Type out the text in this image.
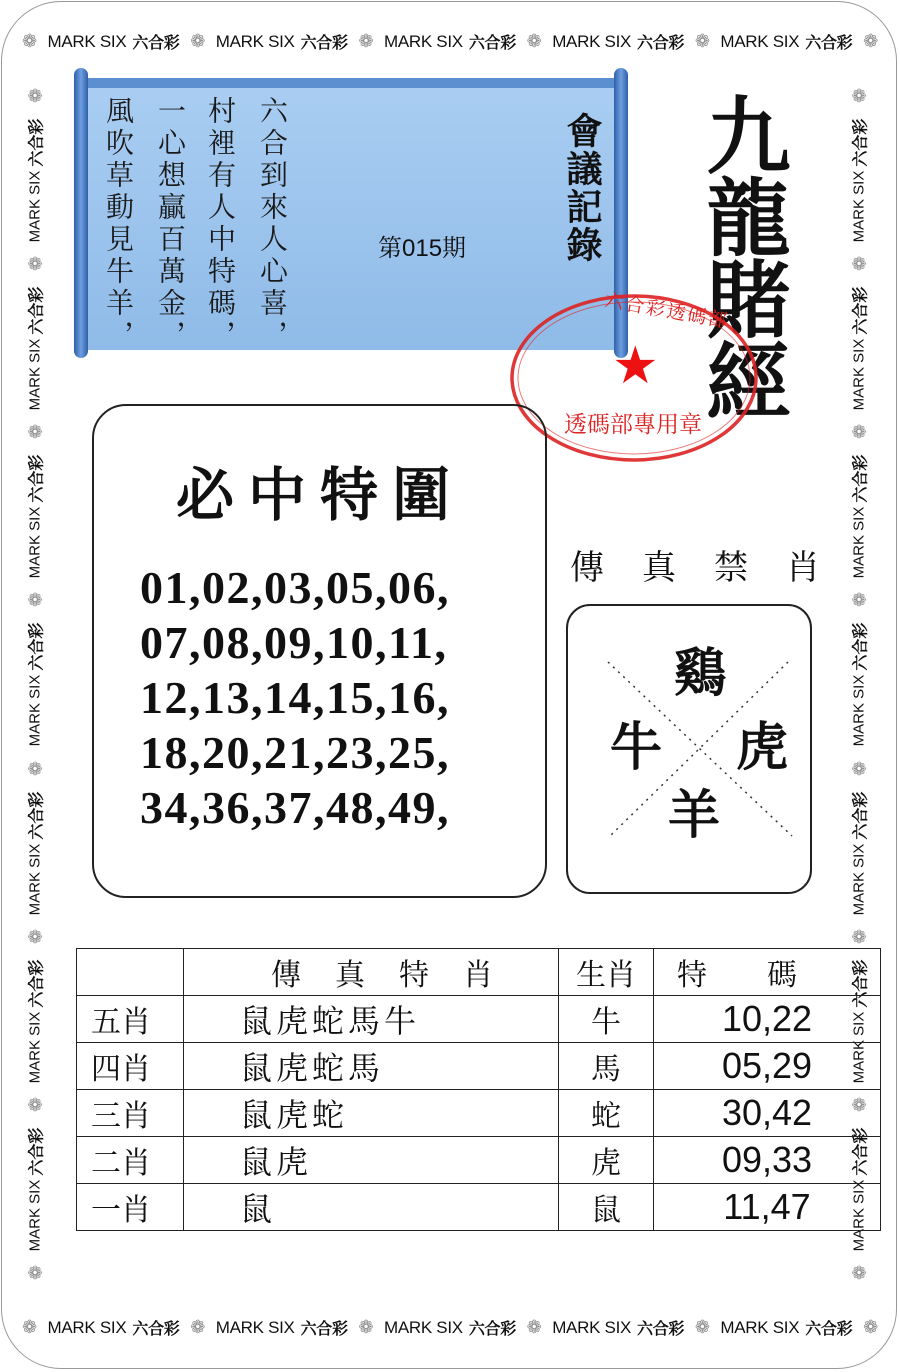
❁ MARK SIX 六合彩 ❁ MARK SIX 六合彩 ❁ MARK SIX 六合彩 ❁ MARK SIX 六合彩 ❁ MARK SIX 六合彩 ❁
❁ MARK SIX 六合彩 ❁ MARK SIX 六合彩 ❁ MARK SIX 六合彩 ❁ MARK SIX 六合彩 ❁ MARK SIX 六合彩 ❁
❁
MARK SIX
六合彩
❁
MARK SIX
六合彩
❁
MARK SIX
六合彩
❁
MARK SIX
六合彩
❁
MARK SIX
六合彩
❁
MARK SIX
六合彩
❁
MARK SIX
六合彩
❁
❁
MARK SIX
六合彩
❁
MARK SIX
六合彩
❁
MARK SIX
六合彩
❁
MARK SIX
六合彩
❁
MARK SIX
六合彩
❁
MARK SIX
六合彩
❁
MARK SIX
六合彩
❁
六合到來人心喜，
村裡有人中特碼，
一心想贏百萬金，
風吹草動見牛羊，	會議記錄
第015期	九龍賭經
六合彩透碼部
★
透碼部專用章
必中特圍
01,02,03,05,06,
07,08,09,10,11,
12,13,14,15,16,
18,20,21,23,25,
34,36,37,48,49,
傳 真 禁 肖
鷄
牛 虎
羊
	傳真特肖	生肖	特碼
五肖	鼠虎蛇馬牛	牛	10,22
四肖	鼠虎蛇馬	馬	05,29
三肖	鼠虎蛇	蛇	30,42
二肖	鼠虎	虎	09,33
一肖	鼠	鼠	11,47
